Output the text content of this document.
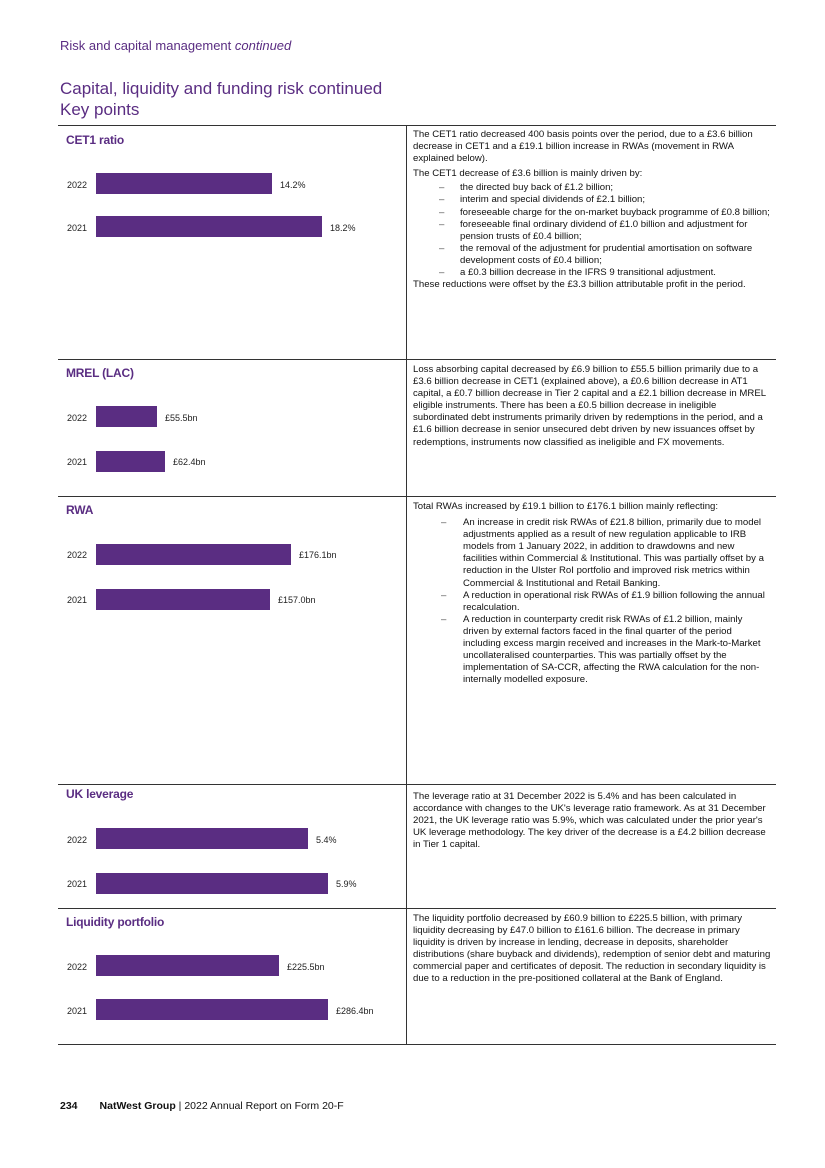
Risk and capital management continued
Capital, liquidity and funding risk continued
Key points
CET1 ratio
2022	14.2%
2021	18.2%

The CET1 ratio decreased 400 basis points over the period, due to a £3.6 billion decrease in CET1 and a £19.1 billion increase in RWAs (movement in RWA explained below).

The CET1 decrease of £3.6 billion is mainly driven by:

– the directed buy back of £1.2 billion;
– interim and special dividends of £2.1 billion;
– foreseeable charge for the on-market buyback programme of £0.8 billion;
– foreseeable final ordinary dividend of £1.0 billion and adjustment for pension trusts of £0.4 billion;
– the removal of the adjustment for prudential amortisation on software development costs of £0.4 billion;
– a £0.3 billion decrease in the IFRS 9 transitional adjustment.

These reductions were offset by the £3.3 billion attributable profit in the period.

MREL (LAC)
2022	£55.5bn
2021	£62.4bn
Loss absorbing capital decreased by £6.9 billion to £55.5 billion primarily due to a £3.6 billion decrease in CET1 (explained above), a £0.6 billion decrease in AT1 capital, a £0.7 billion decrease in Tier 2 capital and a £2.1 billion decrease in MREL eligible instruments. There has been a £0.5 billion decrease in ineligible subordinated debt instruments primarily driven by redemptions in the period, and a £1.6 billion decrease in senior unsecured debt driven by new issuances offset by redemptions, instruments now classified as ineligible and FX movements.
RWA
2022	£176.1bn
2021	£157.0bn

Total RWAs increased by £19.1 billion to £176.1 billion mainly reflecting:

– An increase in credit risk RWAs of £21.8 billion, primarily due to model adjustments applied as a result of new regulation applicable to IRB models from 1 January 2022, in addition to drawdowns and new facilities within Commercial & Institutional. This was partially offset by a reduction in the Ulster RoI portfolio and improved risk metrics within Commercial & Institutional and Retail Banking.
– A reduction in operational risk RWAs of £1.9 billion following the annual recalculation.
– A reduction in counterparty credit risk RWAs of £1.2 billion, mainly driven by external factors faced in the final quarter of the period including excess margin received and increases in the Mark-to-Market uncollateralised counterparties. This was partially offset by the implementation of SA-CCR, affecting the RWA calculation for the non-internally modelled exposure.
UK leverage
2022	5.4%
2021	5.9%
The leverage ratio at 31 December 2022 is 5.4% and has been calculated in accordance with changes to the UK's leverage ratio framework. As at 31 December 2021, the UK leverage ratio was 5.9%, which was calculated under the prior year's UK leverage methodology. The key driver of the decrease is a £4.2 billion decrease in Tier 1 capital.
Liquidity portfolio
2022	£225.5bn
2021	£286.4bn
The liquidity portfolio decreased by £60.9 billion to £225.5 billion, with primary liquidity decreasing by £47.0 billion to £161.6 billion. The decrease in primary liquidity is driven by increase in lending, decrease in deposits, shareholder distributions (share buyback and dividends), redemption of senior debt and maturing commercial paper and certificates of deposit. The reduction in secondary liquidity is due to a reduction in the pre-positioned collateral at the Bank of England.
234 NatWest Group | 2022 Annual Report on Form 20-F
